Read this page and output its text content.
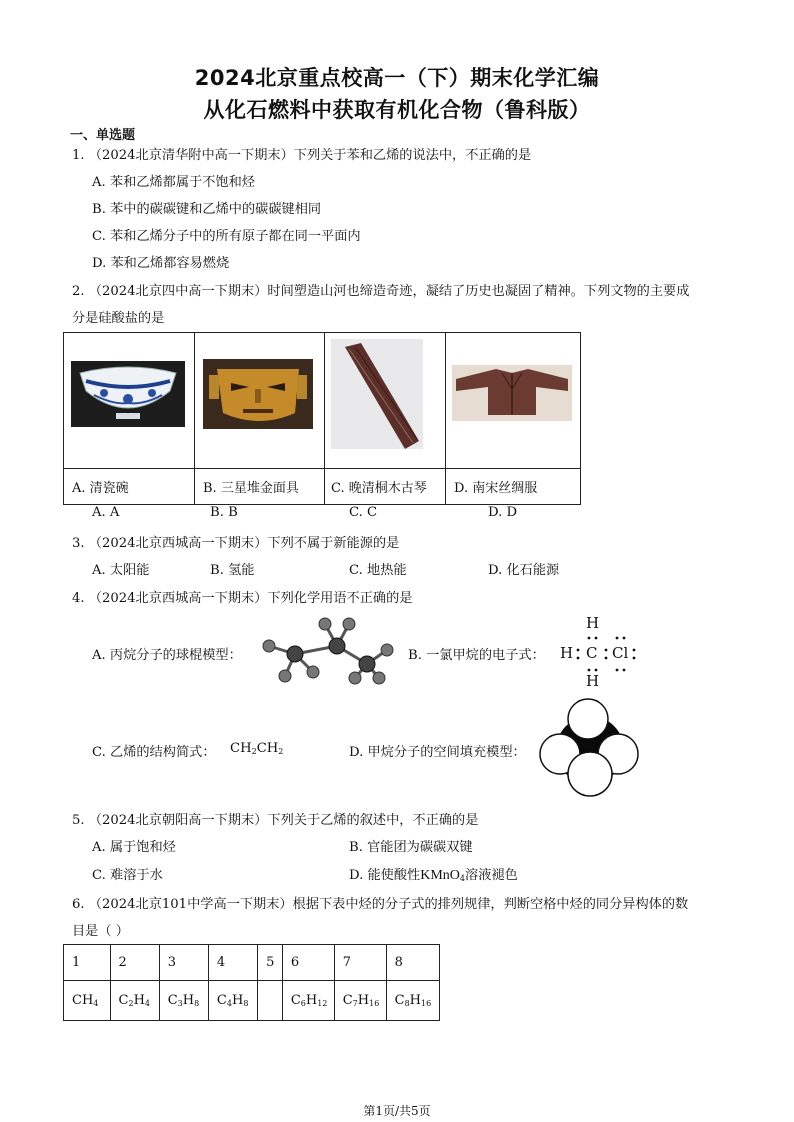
2024北京重点校高一（下）期末化学汇编
从化石燃料中获取有机化合物（鲁科版）
一、单选题
1. （2024北京清华附中高一下期末）下列关于苯和乙烯的说法中，不正确的是
A. 苯和乙烯都属于不饱和烃
B. 苯中的碳碳键和乙烯中的碳碳键相同
C. 苯和乙烯分子中的所有原子都在同一平面内
D. 苯和乙烯都容易燃烧
2. （2024北京四中高一下期末）时间塑造山河也缔造奇迹，凝结了历史也凝固了精神。下列文物的主要成
分是硅酸盐的是

A. 清瓷碗	B. 三星堆金面具	C. 晚清桐木古琴	D. 南宋丝绸服
A. A	B. B	C. C	D. D
3. （2024北京西城高一下期末）下列不属于新能源的是
A. 太阳能	B. 氢能	C. 地热能	D. 化石能源
4. （2024北京西城高一下期末）下列化学用语不正确的是
A. 丙烷分子的球棍模型：	B. 一氯甲烷的电子式：
H
H C Cl
H
C. 乙烯的结构简式： $CH_2CH_2$	D. 甲烷分子的空间填充模型：
5. （2024北京朝阳高一下期末）下列关于乙烯的叙述中，不正确的是
A. 属于饱和烃	B. 官能团为碳碳双键
C. 难溶于水	D. 能使酸性KMnO$_4$溶液褪色
6. （2024北京101中学高一下期末）根据下表中烃的分子式的排列规律，判断空格中烃的同分异构体的数
目是（ ）
1	2	3	4	5	6	7	8
$CH_4$	$C_2H_4$	$C_3H_8$	$C_4H_8$		$C_6H_{12}$	$C_7H_{16}$	$C_8H_{16}$
第1页/共5页
